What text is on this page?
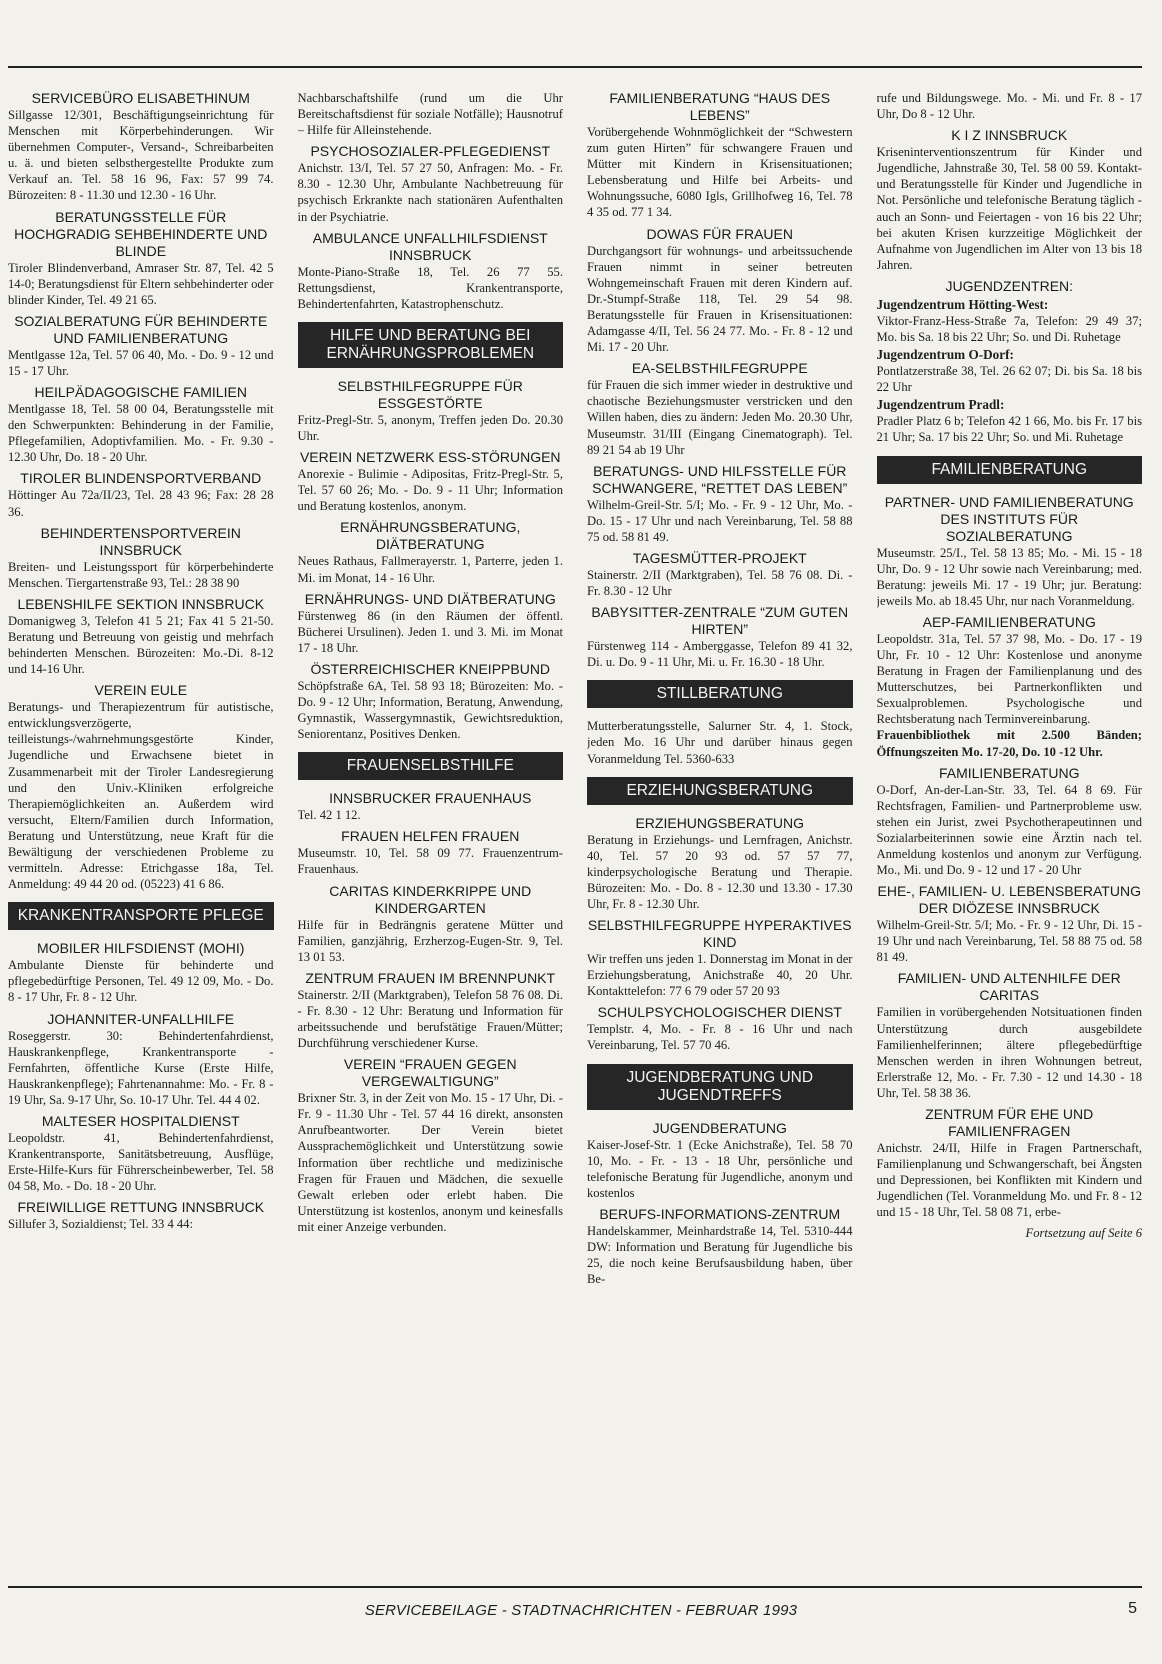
SERVICEBÜRO ELISABETHINUM
Sillgasse 12/301, Beschäftigungseinrichtung für Menschen mit Körperbehinderungen. Wir übernehmen Computer-, Versand-, Schreibarbeiten u. ä. und bieten selbsthergestellte Produkte zum Verkauf an. Tel. 58 16 96, Fax: 57 99 74. Bürozeiten: 8 - 11.30 und 12.30 - 16 Uhr.
BERATUNGSSTELLE FÜR HOCHGRADIG SEHBEHINDERTE UND BLINDE
Tiroler Blindenverband, Amraser Str. 87, Tel. 42 5 14-0; Beratungsdienst für Eltern sehbehinderter oder blinder Kinder, Tel. 49 21 65.
SOZIALBERATUNG FÜR BEHINDERTE UND FAMILIENBERATUNG
Mentlgasse 12a, Tel. 57 06 40, Mo. - Do. 9 - 12 und 15 - 17 Uhr.
HEILPÄDAGOGISCHE FAMILIEN
Mentlgasse 18, Tel. 58 00 04, Beratungsstelle mit den Schwerpunkten: Behinderung in der Familie, Pflegefamilien, Adoptivfamilien. Mo. - Fr. 9.30 - 12.30 Uhr, Do. 18 - 20 Uhr.
TIROLER BLINDENSPORTVERBAND
Höttinger Au 72a/II/23, Tel. 28 43 96; Fax: 28 28 36.
BEHINDERTENSPORTVEREIN INNSBRUCK
Breiten- und Leistungssport für körperbehinderte Menschen. Tiergartenstraße 93, Tel.: 28 38 90
LEBENSHILFE SEKTION INNSBRUCK
Domanigweg 3, Telefon 41 5 21; Fax 41 5 21-50. Beratung und Betreuung von geistig und mehrfach behinderten Menschen. Bürozeiten: Mo.-Di. 8-12 und 14-16 Uhr.
VEREIN EULE
Beratungs- und Therapiezentrum für autistische, entwicklungsverzögerte, teilleistungs-/wahrnehmungsgestörte Kinder, Jugendliche und Erwachsene bietet in Zusammenarbeit mit der Tiroler Landesregierung und den Univ.-Kliniken erfolgreiche Therapiemöglichkeiten an. Außerdem wird versucht, Eltern/Familien durch Information, Beratung und Unterstützung, neue Kraft für die Bewältigung der verschiedenen Probleme zu vermitteln. Adresse: Etrichgasse 18a, Tel. Anmeldung: 49 44 20 od. (05223) 41 6 86.
KRANKENTRANSPORTE PFLEGE
MOBILER HILFSDIENST (MOHI)
Ambulante Dienste für behinderte und pflegebedürftige Personen, Tel. 49 12 09, Mo. - Do. 8 - 17 Uhr, Fr. 8 - 12 Uhr.
JOHANNITER-UNFALLHILFE
Roseggerstr. 30: Behindertenfahrdienst, Hauskrankenpflege, Krankentransporte - Fernfahrten, öffentliche Kurse (Erste Hilfe, Hauskrankenpflege); Fahrtenannahme: Mo. - Fr. 8 - 19 Uhr, Sa. 9-17 Uhr, So. 10-17 Uhr. Tel. 44 4 02.
MALTESER HOSPITALDIENST
Leopoldstr. 41, Behindertenfahrdienst, Krankentransporte, Sanitätsbetreuung, Ausflüge, Erste-Hilfe-Kurs für Führerscheinbewerber, Tel. 58 04 58, Mo. - Do. 18 - 20 Uhr.
FREIWILLIGE RETTUNG INNSBRUCK
Sillufer 3, Sozialdienst; Tel. 33 4 44:
Nachbarschaftshilfe (rund um die Uhr Bereitschaftsdienst für soziale Notfälle); Hausnotruf – Hilfe für Alleinstehende.
PSYCHOSOZIALER-PFLEGEDIENST
Anichstr. 13/I, Tel. 57 27 50, Anfragen: Mo. - Fr. 8.30 - 12.30 Uhr, Ambulante Nachbetreuung für psychisch Erkrankte nach stationären Aufenthalten in der Psychiatrie.
AMBULANCE UNFALLHILFSDIENST INNSBRUCK
Monte-Piano-Straße 18, Tel. 26 77 55. Rettungsdienst, Krankentransporte, Behindertenfahrten, Katastrophenschutz.
HILFE UND BERATUNG BEI ERNÄHRUNGSPROBLEMEN
SELBSTHILFEGRUPPE FÜR ESSGESTÖRTE
Fritz-Pregl-Str. 5, anonym, Treffen jeden Do. 20.30 Uhr.
VEREIN NETZWERK ESS-STÖRUNGEN
Anorexie - Bulimie - Adipositas, Fritz-Pregl-Str. 5, Tel. 57 60 26; Mo. - Do. 9 - 11 Uhr; Information und Beratung kostenlos, anonym.
ERNÄHRUNGSBERATUNG, DIÄTBERATUNG
Neues Rathaus, Fallmerayerstr. 1, Parterre, jeden 1. Mi. im Monat, 14 - 16 Uhr.
ERNÄHRUNGS- UND DIÄTBERATUNG
Fürstenweg 86 (in den Räumen der öffentl. Bücherei Ursulinen). Jeden 1. und 3. Mi. im Monat 17 - 18 Uhr.
ÖSTERREICHISCHER KNEIPPBUND
Schöpfstraße 6A, Tel. 58 93 18; Bürozeiten: Mo. - Do. 9 - 12 Uhr; Information, Beratung, Anwendung, Gymnastik, Wassergymnastik, Gewichtsreduktion, Seniorentanz, Positives Denken.
FRAUENSELBSTHILFE
INNSBRUCKER FRAUENHAUS
Tel. 42 1 12.
FRAUEN HELFEN FRAUEN
Museumstr. 10, Tel. 58 09 77. Frauenzentrum-Frauenhaus.
CARITAS KINDERKRIPPE UND KINDERGARTEN
Hilfe für in Bedrängnis geratene Mütter und Familien, ganzjährig, Erzherzog-Eugen-Str. 9, Tel. 13 01 53.
ZENTRUM FRAUEN IM BRENNPUNKT
Stainerstr. 2/II (Marktgraben), Telefon 58 76 08. Di. - Fr. 8.30 - 12 Uhr: Beratung und Information für arbeitssuchende und berufstätige Frauen/Mütter; Durchführung verschiedener Kurse.
VEREIN “FRAUEN GEGEN VERGEWALTIGUNG”
Brixner Str. 3, in der Zeit von Mo. 15 - 17 Uhr, Di. - Fr. 9 - 11.30 Uhr - Tel. 57 44 16 direkt, ansonsten Anrufbeantworter. Der Verein bietet Aussprachemöglichkeit und Unterstützung sowie Information über rechtliche und medizinische Fragen für Frauen und Mädchen, die sexuelle Gewalt erleben oder erlebt haben. Die Unterstützung ist kostenlos, anonym und keinesfalls mit einer Anzeige verbunden.
FAMILIENBERATUNG “HAUS DES LEBENS”
Vorübergehende Wohnmöglichkeit der “Schwestern zum guten Hirten” für schwangere Frauen und Mütter mit Kindern in Krisensituationen; Lebensberatung und Hilfe bei Arbeits- und Wohnungssuche, 6080 Igls, Grillhofweg 16, Tel. 78 4 35 od. 77 1 34.
DOWAS FÜR FRAUEN
Durchgangsort für wohnungs- und arbeitssuchende Frauen nimmt in seiner betreuten Wohngemeinschaft Frauen mit deren Kindern auf. Dr.-Stumpf-Straße 118, Tel. 29 54 98. Beratungsstelle für Frauen in Krisensituationen: Adamgasse 4/II, Tel. 56 24 77. Mo. - Fr. 8 - 12 und Mi. 17 - 20 Uhr.
EA-SELBSTHILFEGRUPPE
für Frauen die sich immer wieder in destruktive und chaotische Beziehungsmuster verstricken und den Willen haben, dies zu ändern: Jeden Mo. 20.30 Uhr, Museumstr. 31/III (Eingang Cinematograph). Tel. 89 21 54 ab 19 Uhr
BERATUNGS- UND HILFSSTELLE FÜR SCHWANGERE, “RETTET DAS LEBEN”
Wilhelm-Greil-Str. 5/I; Mo. - Fr. 9 - 12 Uhr, Mo. - Do. 15 - 17 Uhr und nach Vereinbarung, Tel. 58 88 75 od. 58 81 49.
TAGESMÜTTER-PROJEKT
Stainerstr. 2/II (Marktgraben), Tel. 58 76 08. Di. - Fr. 8.30 - 12 Uhr
BABYSITTER-ZENTRALE “ZUM GUTEN HIRTEN”
Fürstenweg 114 - Amberggasse, Telefon 89 41 32, Di. u. Do. 9 - 11 Uhr, Mi. u. Fr. 16.30 - 18 Uhr.
STILLBERATUNG
Mutterberatungsstelle, Salurner Str. 4, 1. Stock, jeden Mo. 16 Uhr und darüber hinaus gegen Voranmeldung Tel. 5360-633
ERZIEHUNGSBERATUNG
ERZIEHUNGSBERATUNG
Beratung in Erziehungs- und Lernfragen, Anichstr. 40, Tel. 57 20 93 od. 57 57 77, kinderpsychologische Beratung und Therapie. Bürozeiten: Mo. - Do. 8 - 12.30 und 13.30 - 17.30 Uhr, Fr. 8 - 12.30 Uhr.
SELBSTHILFEGRUPPE HYPERAKTIVES KIND
Wir treffen uns jeden 1. Donnerstag im Monat in der Erziehungsberatung, Anichstraße 40, 20 Uhr. Kontakttelefon: 77 6 79 oder 57 20 93
SCHULPSYCHOLOGISCHER DIENST
Templstr. 4, Mo. - Fr. 8 - 16 Uhr und nach Vereinbarung, Tel. 57 70 46.
JUGENDBERATUNG UND JUGENDTREFFS
JUGENDBERATUNG
Kaiser-Josef-Str. 1 (Ecke Anichstraße), Tel. 58 70 10, Mo. - Fr. - 13 - 18 Uhr, persönliche und telefonische Beratung für Jugendliche, anonym und kostenlos
BERUFS-INFORMATIONS-ZENTRUM
Handelskammer, Meinhardstraße 14, Tel. 5310-444 DW: Information und Beratung für Jugendliche bis 25, die noch keine Berufsausbildung haben, über Be-
rufe und Bildungswege. Mo. - Mi. und Fr. 8 - 17 Uhr, Do 8 - 12 Uhr.
K I Z INNSBRUCK
Kriseninterventionszentrum für Kinder und Jugendliche, Jahnstraße 30, Tel. 58 00 59. Kontakt- und Beratungsstelle für Kinder und Jugendliche in Not. Persönliche und telefonische Beratung täglich - auch an Sonn- und Feiertagen - von 16 bis 22 Uhr; bei akuten Krisen kurzzeitige Möglichkeit der Aufnahme von Jugendlichen im Alter von 13 bis 18 Jahren.
JUGENDZENTREN:
Jugendzentrum Hötting-West:
Viktor-Franz-Hess-Straße 7a, Telefon: 29 49 37; Mo. bis Sa. 18 bis 22 Uhr; So. und Di. Ruhetage
Jugendzentrum O-Dorf:
Pontlatzerstraße 38, Tel. 26 62 07; Di. bis Sa. 18 bis 22 Uhr
Jugendzentrum Pradl:
Pradler Platz 6 b; Telefon 42 1 66, Mo. bis Fr. 17 bis 21 Uhr; Sa. 17 bis 22 Uhr; So. und Mi. Ruhetage
FAMILIENBERATUNG
PARTNER- UND FAMILIENBERATUNG DES INSTITUTS FÜR SOZIALBERATUNG
Museumstr. 25/I., Tel. 58 13 85; Mo. - Mi. 15 - 18 Uhr, Do. 9 - 12 Uhr sowie nach Vereinbarung; med. Beratung: jeweils Mi. 17 - 19 Uhr; jur. Beratung: jeweils Mo. ab 18.45 Uhr, nur nach Voranmeldung.
AEP-FAMILIENBERATUNG
Leopoldstr. 31a, Tel. 57 37 98, Mo. - Do. 17 - 19 Uhr, Fr. 10 - 12 Uhr: Kostenlose und anonyme Beratung in Fragen der Familienplanung und des Mutterschutzes, bei Partnerkonflikten und Sexualproblemen. Psychologische und Rechtsberatung nach Terminvereinbarung.
Frauenbibliothek mit 2.500 Bänden; Öffnungszeiten Mo. 17-20, Do. 10 -12 Uhr.
FAMILIENBERATUNG
O-Dorf, An-der-Lan-Str. 33, Tel. 64 8 69. Für Rechtsfragen, Familien- und Partnerprobleme usw. stehen ein Jurist, zwei Psychotherapeutinnen und Sozialarbeiterinnen sowie eine Ärztin nach tel. Anmeldung kostenlos und anonym zur Verfügung. Mo., Mi. und Do. 9 - 12 und 17 - 20 Uhr
EHE-, FAMILIEN- U. LEBENSBERATUNG DER DIÖZESE INNSBRUCK
Wilhelm-Greil-Str. 5/I; Mo. - Fr. 9 - 12 Uhr, Di. 15 - 19 Uhr und nach Vereinbarung, Tel. 58 88 75 od. 58 81 49.
FAMILIEN- UND ALTENHILFE DER CARITAS
Familien in vorübergehenden Notsituationen finden Unterstützung durch ausgebildete Familienhelferinnen; ältere pflegebedürftige Menschen werden in ihren Wohnungen betreut, Erlerstraße 12, Mo. - Fr. 7.30 - 12 und 14.30 - 18 Uhr, Tel. 58 38 36.
ZENTRUM FÜR EHE UND FAMILIENFRAGEN
Anichstr. 24/II, Hilfe in Fragen Partnerschaft, Familienplanung und Schwangerschaft, bei Ängsten und Depressionen, bei Konflikten mit Kindern und Jugendlichen (Tel. Voranmeldung Mo. und Fr. 8 - 12 und 15 - 18 Uhr, Tel. 58 08 71, erbe-
Fortsetzung auf Seite 6
SERVICEBEILAGE - STADTNACHRICHTEN - FEBRUAR 1993	5
